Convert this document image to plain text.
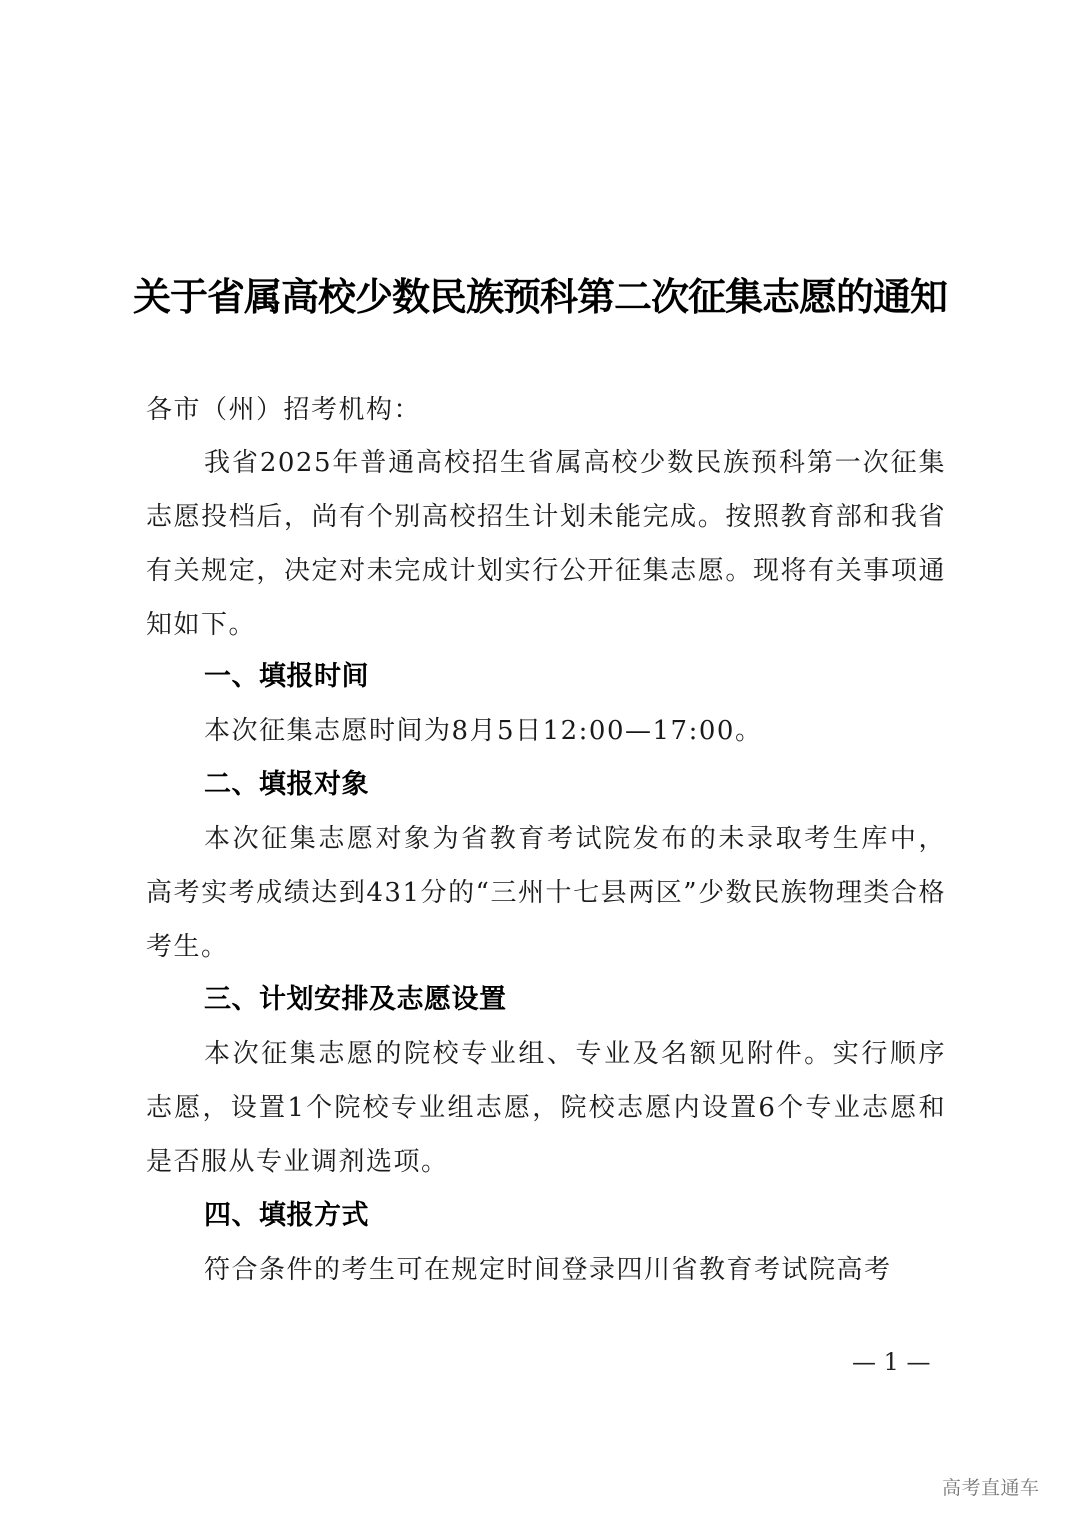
关于省属高校少数民族预科第二次征集志愿的通知
各市（州）招考机构：
我省2025年普通高校招生省属高校少数民族预科第一次征集志愿投档后，尚有个别高校招生计划未能完成。按照教育部和我省有关规定，决定对未完成计划实行公开征集志愿。现将有关事项通知如下。
一、填报时间
本次征集志愿时间为8月5日12:00—17:00。
二、填报对象
本次征集志愿对象为省教育考试院发布的未录取考生库中，高考实考成绩达到431分的“三州十七县两区”少数民族物理类合格考生。
三、计划安排及志愿设置
本次征集志愿的院校专业组、专业及名额见附件。实行顺序志愿，设置1个院校专业组志愿，院校志愿内设置6个专业志愿和是否服从专业调剂选项。
四、填报方式
符合条件的考生可在规定时间登录四川省教育考试院高考
— 1 —
高考直通车
